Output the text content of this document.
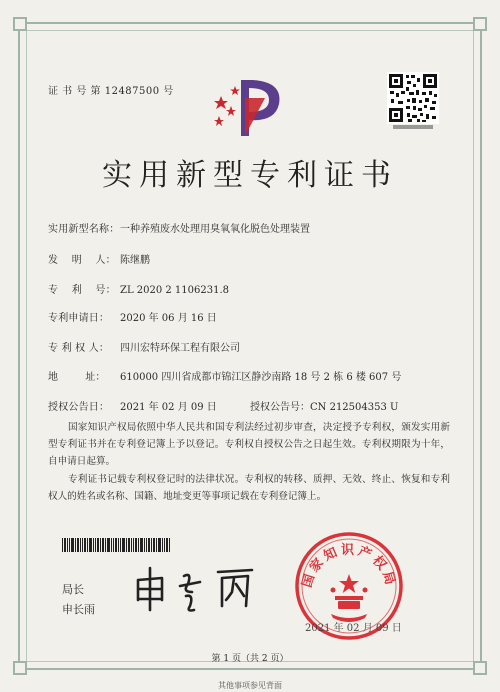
证 书 号 第 12487500 号
实用新型专利证书
实用新型名称：一种养殖废水处理用臭氧氧化脱色处理装置
发    明    人： 陈继鹏
专    利    号： ZL 2020 2 1106231.8
专利申请日： 2020 年 06 月 16 日
专 利 权 人： 四川宏特环保工程有限公司
地        址： 610000 四川省成都市锦江区静沙南路 18 号 2 栋 6 楼 607 号
授权公告日： 2021 年 02 月 09 日	授权公告号：CN 212504353 U
国家知识产权局依照中华人民共和国专利法经过初步审查，决定授予专利权，颁发实用新型专利证书并在专利登记簿上予以登记。专利权自授权公告之日起生效。专利权期限为十年，自申请日起算。
专利证书记载专利权登记时的法律状况。专利权的转移、质押、无效、终止、恢复和专利权人的姓名或名称、国籍、地址变更等事项记载在专利登记簿上。
局长
申长雨
国家知识产权局
2021 年 02 月 09 日
第 1 页（共 2 页）
其他事项参见背面
